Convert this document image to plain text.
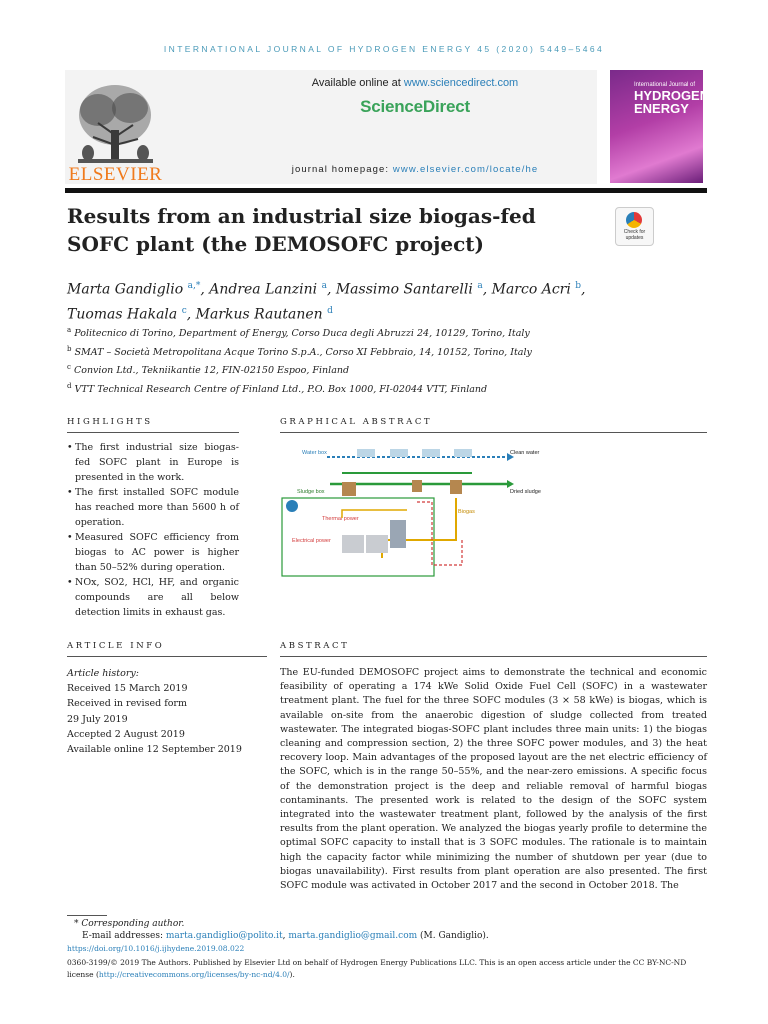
INTERNATIONAL JOURNAL OF HYDROGEN ENERGY 45 (2020) 5449–5464
ELSEVIER
Available online at www.sciencedirect.com
ScienceDirect
journal homepage: www.elsevier.com/locate/he
International Journal of
HYDROGEN
ENERGY
Results from an industrial size biogas-fed SOFC plant (the DEMOSOFC project)	Check for
updates
Marta Gandiglio $^{a,*}$, Andrea Lanzini $^a$, Massimo Santarelli $^a$, Marco Acri $^b$,
Tuomas Hakala $^c$, Markus Rautanen $^d$
$^a$ Politecnico di Torino, Department of Energy, Corso Duca degli Abruzzi 24, 10129, Torino, Italy
$^b$ SMAT – Società Metropolitana Acque Torino S.p.A., Corso XI Febbraio, 14, 10152, Torino, Italy
$^c$ Convion Ltd., Tekniikantie 12, FIN-02150 Espoo, Finland
$^d$ VTT Technical Research Centre of Finland Ltd., P.O. Box 1000, FI-02044 VTT, Finland
HIGHLIGHTS	GRAPHICAL ABSTRACT
• The first industrial size biogas-fed SOFC plant in Europe is presented in the work.
• The first installed SOFC module has reached more than 5600 h of operation.
• Measured SOFC efficiency from biogas to AC power is higher than 50–52% during operation.
• NOx, SO2, HCl, HF, and organic compounds are all below detection limits in exhaust gas.
Water box	Clean water
Sludge box	Dried sludge
Thermal power
Electrical power
Biogas
ARTICLE INFO	ABSTRACT
Article history:
Received 15 March 2019
Received in revised form
29 July 2019
Accepted 2 August 2019
Available online 12 September 2019
The EU-funded DEMOSOFC project aims to demonstrate the technical and economic feasibility of operating a 174 kWe Solid Oxide Fuel Cell (SOFC) in a wastewater treatment plant. The fuel for the three SOFC modules (3 × 58 kWe) is biogas, which is available on-site from the anaerobic digestion of sludge collected from treated wastewater. The integrated biogas-SOFC plant includes three main units: 1) the biogas cleaning and compression section, 2) the three SOFC power modules, and 3) the heat recovery loop. Main advantages of the proposed layout are the net electric efficiency of the SOFC, which is in the range 50–55%, and the near-zero emissions. A specific focus of the demonstration project is the deep and reliable removal of harmful biogas contaminants. The presented work is related to the design of the SOFC system integrated into the wastewater treatment plant, followed by the analysis of the first results from the plant operation. We analyzed the biogas yearly profile to determine the optimal SOFC capacity to install that is 3 SOFC modules. The rationale is to maintain high the capacity factor while minimizing the number of shutdown per year (due to biogas unavailability). First results from plant operation are also presented. The first SOFC module was activated in October 2017 and the second in October 2018. The
* Corresponding author.
E-mail addresses: marta.gandiglio@polito.it, marta.gandiglio@gmail.com (M. Gandiglio).
https://doi.org/10.1016/j.ijhydene.2019.08.022
0360-3199/© 2019 The Authors. Published by Elsevier Ltd on behalf of Hydrogen Energy Publications LLC. This is an open access article under the CC BY-NC-ND
license (http://creativecommons.org/licenses/by-nc-nd/4.0/).
